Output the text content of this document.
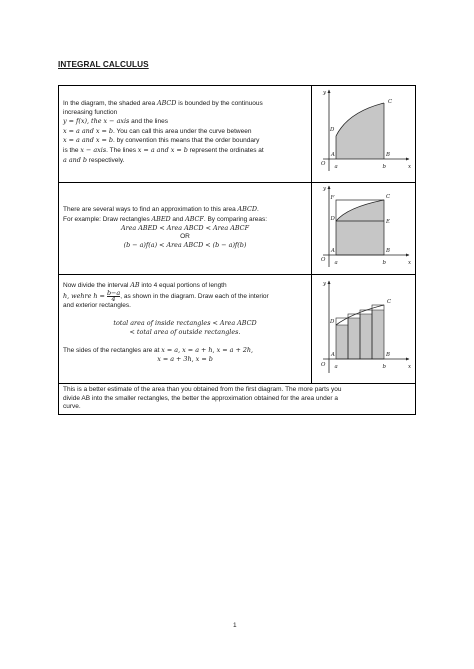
INTEGRAL CALCULUS

In the diagram, the shaded area ABCD is bounded by the continuous

increasing function

y = f(x), the x − axis and the lines

x = a and x = b. You can call this area under the curve between

x = a and x = b. by convention this means that the order boundary

is the x − axis. The lines x = a and x = b represent the ordinates at

a and b respectively.

y
x
O
A	B
C
D
a	b

There are several ways to find an approximation to this area ABCD.

For example: Draw rectangles ABED and ABCF. By comparing areas:

Area ABED < Area ABCD < Area ABCF

OR

(b − a)f(a) < Area ABCD < (b − a)f(b)

y
x
O
A	B
C
D	E
F
a	b

Now divide the interval AB into 4 equal portions of length

h, wehre $h = \frac{b-a}{4}$ , as shown in the diagram. Draw each of the interior

and exterior rectangles.

total area of inside rectangles < Area ABCD

< total area of outside rectangles.

The sides of the rectangles are at x = a, x = a + h, x = a + 2h,

x = a + 3h, x = b

y
x
O
A	B
C
D
a	b

This is a better estimate of the area than you obtained from the first diagram. The more parts you

divide AB into the smaller rectangles, the better the approximation obtained for the area under a

curve.

1
